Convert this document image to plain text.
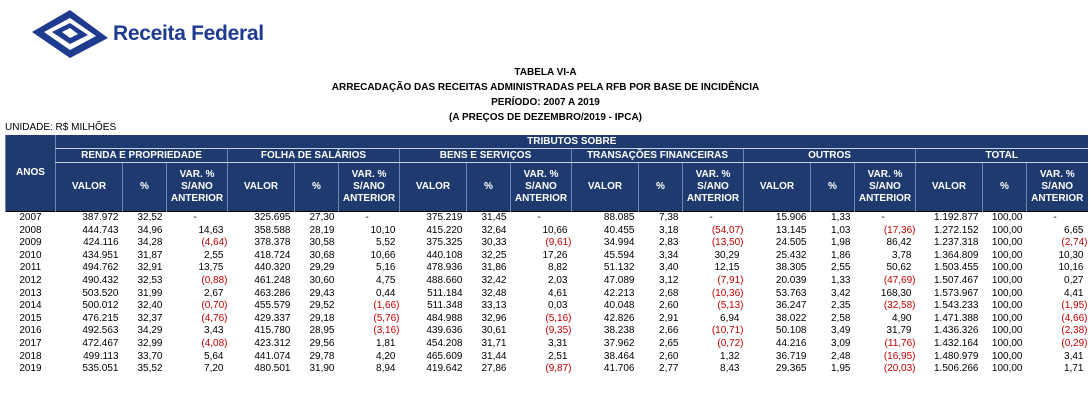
Receita Federal
TABELA VI-A
ARRECADAÇÃO DAS RECEITAS ADMINISTRADAS PELA RFB POR BASE DE INCIDÊNCIA
PERÍODO: 2007 A 2019
(A PREÇOS DE DEZEMBRO/2019 - IPCA)
UNIDADE: R$ MILHÕES
ANOS	TRIBUTOS SOBRE																	
	RENDA E PROPRIEDADE			FOLHA DE SALÁRIOS			BENS E SERVIÇOS			TRANSAÇÕES FINANCEIRAS			OUTROS			TOTAL		
	VALOR	%	VAR. % S/ANO ANTERIOR	VALOR	%	VAR. % S/ANO ANTERIOR	VALOR	%	VAR. % S/ANO ANTERIOR	VALOR	%	VAR. % S/ANO ANTERIOR	VALOR	%	VAR. % S/ANO ANTERIOR	VALOR	%	VAR. % S/ANO ANTERIOR
2007	387.972	32,52	-	325.695	27,30	-	375.219	31,45	-	88.085	7,38	-	15.906	1,33	-	1.192.877	100,00	-
2008	444.743	34,96	14,63	358.588	28,19	10,10	415.220	32,64	10,66	40.455	3,18	(54,07)	13.145	1,03	(17,36)	1.272.152	100,00	6,65
2009	424.116	34,28	(4,64)	378.378	30,58	5,52	375.325	30,33	(9,61)	34.994	2,83	(13,50)	24.505	1,98	86,42	1.237.318	100,00	(2,74)
2010	434.951	31,87	2,55	418.724	30,68	10,66	440.108	32,25	17,26	45.594	3,34	30,29	25.432	1,86	3,78	1.364.809	100,00	10,30
2011	494.762	32,91	13,75	440.320	29,29	5,16	478.936	31,86	8,82	51.132	3,40	12,15	38.305	2,55	50,62	1.503.455	100,00	10,16
2012	490.432	32,53	(0,88)	461.248	30,60	4,75	488.660	32,42	2,03	47.089	3,12	(7,91)	20.039	1,33	(47,69)	1.507.467	100,00	0,27
2013	503.520	31,99	2,67	463.286	29,43	0,44	511.184	32,48	4,61	42.213	2,68	(10,36)	53.763	3,42	168,30	1.573.967	100,00	4,41
2014	500.012	32,40	(0,70)	455.579	29,52	(1,66)	511.348	33,13	0,03	40.048	2,60	(5,13)	36.247	2,35	(32,58)	1.543.233	100,00	(1,95)
2015	476.215	32,37	(4,76)	429.337	29,18	(5,76)	484.988	32,96	(5,16)	42.826	2,91	6,94	38.022	2,58	4,90	1.471.388	100,00	(4,66)
2016	492.563	34,29	3,43	415.780	28,95	(3,16)	439.636	30,61	(9,35)	38.238	2,66	(10,71)	50.108	3,49	31,79	1.436.326	100,00	(2,38)
2017	472.467	32,99	(4,08)	423.312	29,56	1,81	454.208	31,71	3,31	37.962	2,65	(0,72)	44.216	3,09	(11,76)	1.432.164	100,00	(0,29)
2018	499.113	33,70	5,64	441.074	29,78	4,20	465.609	31,44	2,51	38.464	2,60	1,32	36.719	2,48	(16,95)	1.480.979	100,00	3,41
2019	535.051	35,52	7,20	480.501	31,90	8,94	419.642	27,86	(9,87)	41.706	2,77	8,43	29.365	1,95	(20,03)	1.506.266	100,00	1,71
